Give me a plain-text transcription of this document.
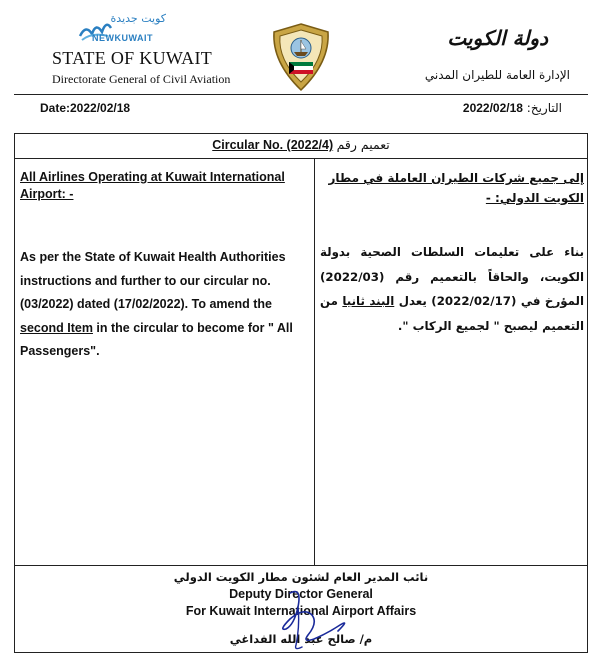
كويت جديدة
NEWKUWAIT
STATE OF KUWAIT
Directorate General of Civil Aviation
دولة الكويت
الإدارة العامة للطيران المدني
Date:2022/02/18	التاريخ: 2022/02/18
Circular No. (2022/4) تعميم رقم
All Airlines Operating at Kuwait International Airport: -
إلى جميع شركات الطيران العاملة في مطار الكويت الدولي: -
As per the State of Kuwait Health Authorities instructions and further to our circular no. (03/2022) dated (17/02/2022). To amend the second Item in the circular to become for " All Passengers".
بناء على تعليمات السلطات الصحية بدولة الكويت، والحاقاً بالتعميم رقم (2022/03) المؤرخ في (2022/02/17) يعدل البند ثانيا من التعميم ليصبح " لجميع الركاب ".
نائب المدير العام لشئون مطار الكويت الدولي
Deputy Director General
For Kuwait International Airport Affairs
م/ صالح عبد الله الفداغي
